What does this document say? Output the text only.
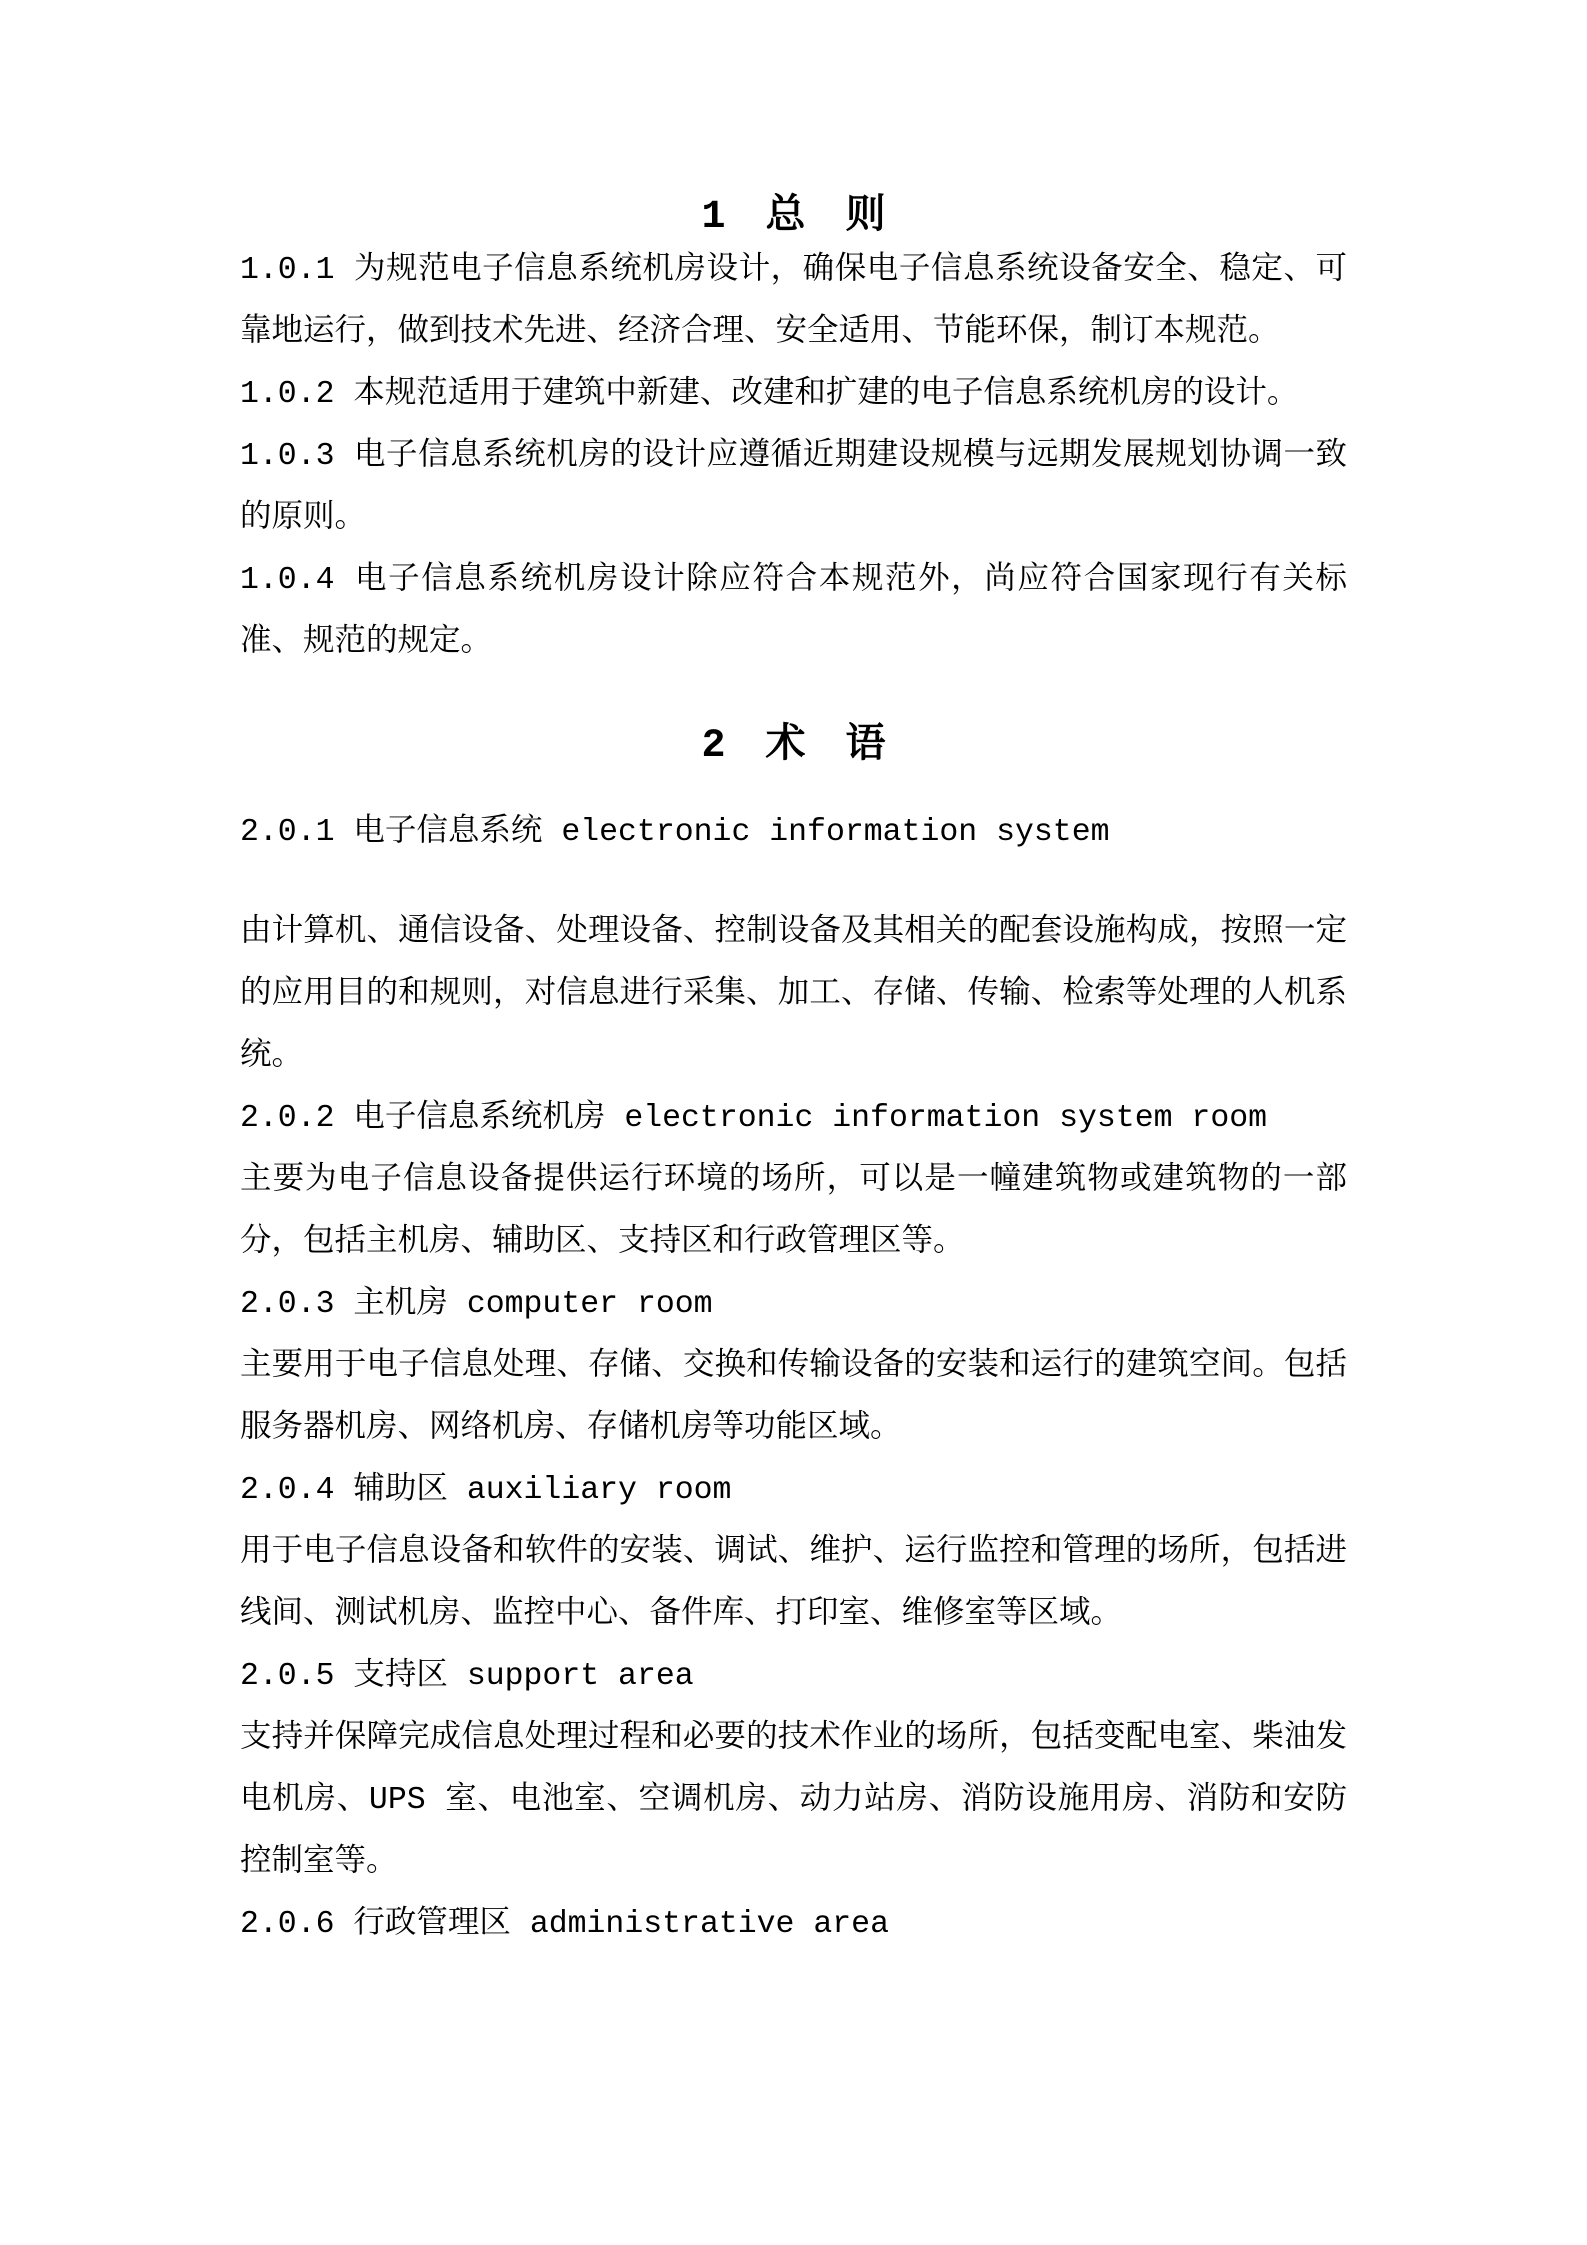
1　总　则

1.0.1 为规范电子信息系统机房设计，确保电子信息系统设备安全、稳定、可靠地运行，做到技术先进、经济合理、安全适用、节能环保，制订本规范。

1.0.2 本规范适用于建筑中新建、改建和扩建的电子信息系统机房的设计。

1.0.3 电子信息系统机房的设计应遵循近期建设规模与远期发展规划协调一致的原则。

1.0.4 电子信息系统机房设计除应符合本规范外，尚应符合国家现行有关标准、规范的规定。

2　术　语

2.0.1 电子信息系统 electronic information system

由计算机、通信设备、处理设备、控制设备及其相关的配套设施构成，按照一定的应用目的和规则，对信息进行采集、加工、存储、传输、检索等处理的人机系统。

2.0.2 电子信息系统机房 electronic information system room

主要为电子信息设备提供运行环境的场所，可以是一幢建筑物或建筑物的一部分，包括主机房、辅助区、支持区和行政管理区等。

2.0.3 主机房 computer room

主要用于电子信息处理、存储、交换和传输设备的安装和运行的建筑空间。包括服务器机房、网络机房、存储机房等功能区域。

2.0.4 辅助区 auxiliary room

用于电子信息设备和软件的安装、调试、维护、运行监控和管理的场所，包括进线间、测试机房、监控中心、备件库、打印室、维修室等区域。

2.0.5 支持区 support area

支持并保障完成信息处理过程和必要的技术作业的场所，包括变配电室、柴油发电机房、UPS 室、电池室、空调机房、动力站房、消防设施用房、消防和安防控制室等。

2.0.6 行政管理区 administrative area
